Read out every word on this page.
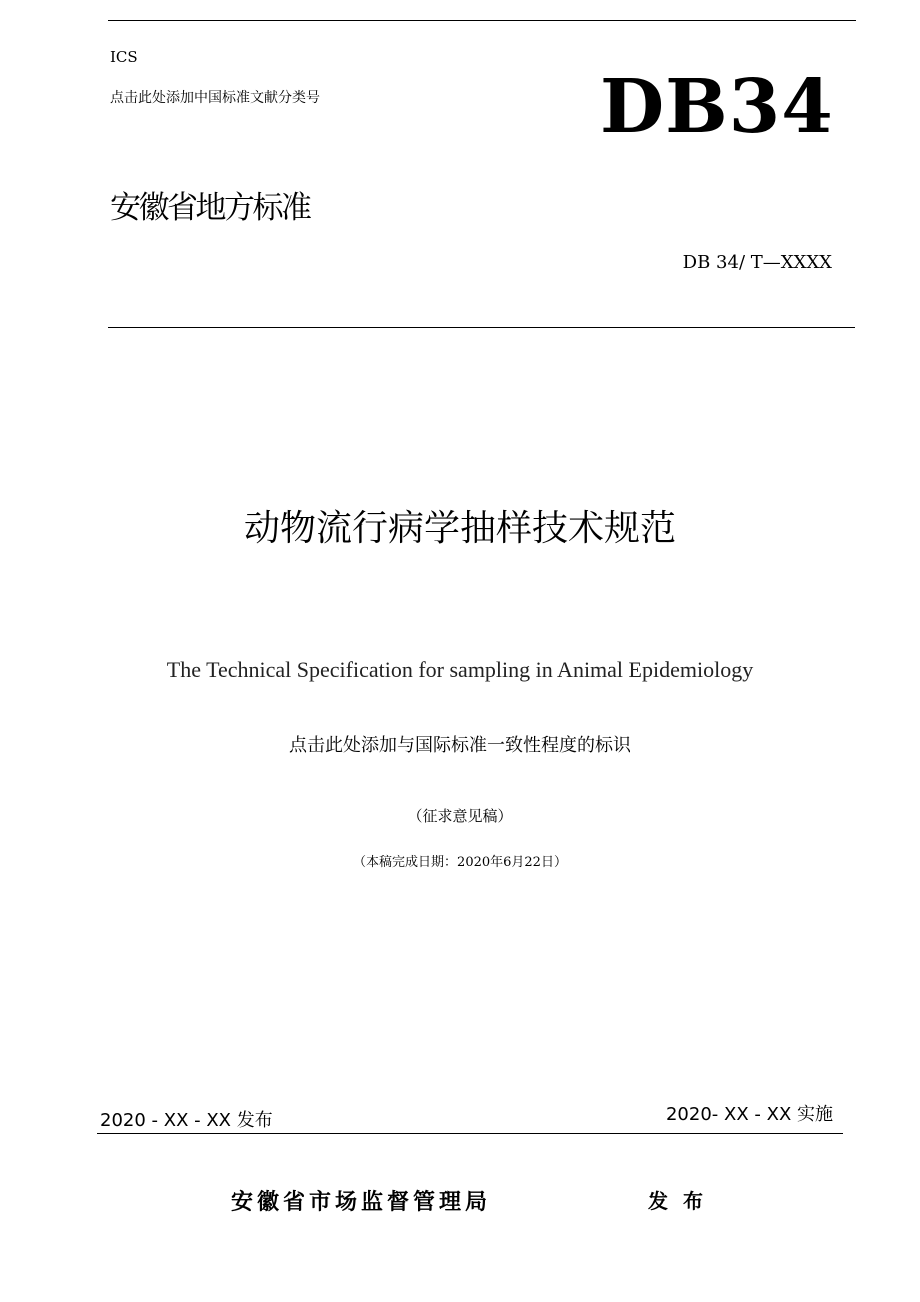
ICS
点击此处添加中国标准文献分类号	DB34
安徽省地方标准
DB 34/ T—XXXX
动物流行病学抽样技术规范
The Technical Specification for sampling in Animal Epidemiology
点击此处添加与国际标准一致性程度的标识
（征求意见稿）
（本稿完成日期：2020年6月22日）
2020 - XX - XX 发布	2020- XX - XX 实施
安徽省市场监督管理局	发 布
